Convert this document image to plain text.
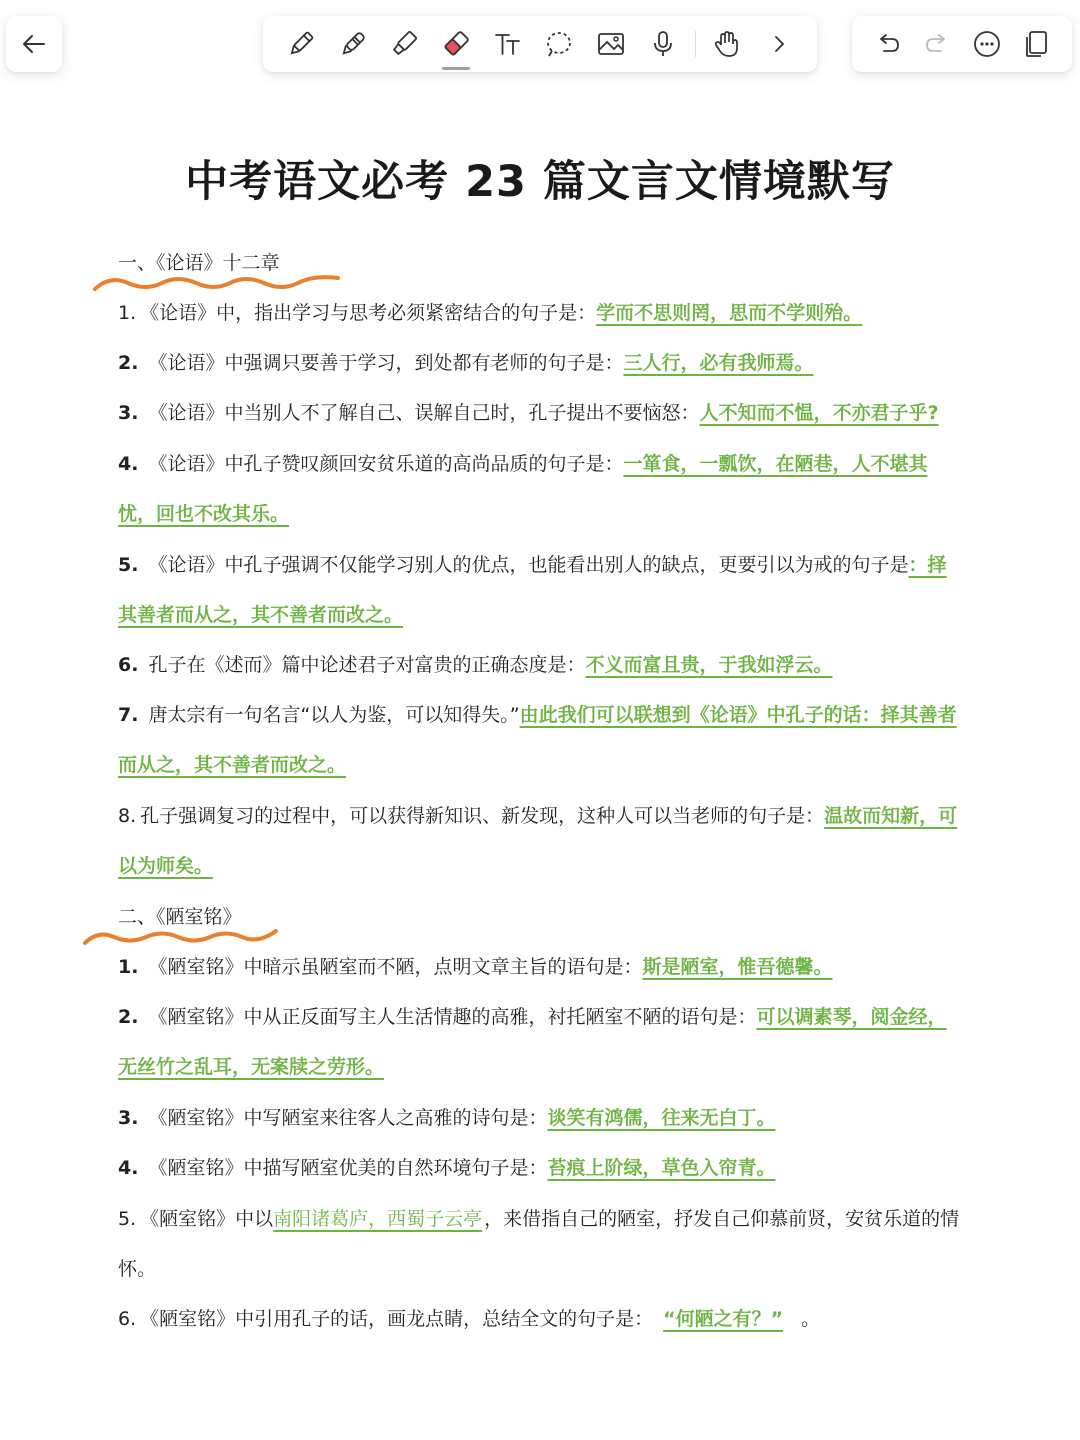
中考语文必考 23 篇文言文情境默写
一、《论语》十二章
1. 《论语》中，指出学习与思考必须紧密结合的句子是：学而不思则罔，思而不学则殆。
2. 《论语》中强调只要善于学习，到处都有老师的句子是：三人行，必有我师焉。
3. 《论语》中当别人不了解自己、误解自己时，孔子提出不要恼怒：人不知而不愠，不亦君子乎?
4. 《论语》中孔子赞叹颜回安贫乐道的高尚品质的句子是：一箪食，一瓢饮，在陋巷，人不堪其忧，回也不改其乐。
5. 《论语》中孔子强调不仅能学习别人的优点，也能看出别人的缺点，更要引以为戒的句子是：择其善者而从之，其不善者而改之。
6. 孔子在《述而》篇中论述君子对富贵的正确态度是：不义而富且贵，于我如浮云。
7. 唐太宗有一句名言“以人为鉴，可以知得失。”由此我们可以联想到《论语》中孔子的话：择其善者而从之，其不善者而改之。
8. 孔子强调复习的过程中，可以获得新知识、新发现，这种人可以当老师的句子是：温故而知新，可以为师矣。
二、《陋室铭》
1. 《陋室铭》中暗示虽陋室而不陋，点明文章主旨的语句是：斯是陋室，惟吾德馨。
2. 《陋室铭》中从正反面写主人生活情趣的高雅，衬托陋室不陋的语句是：可以调素琴，阅金经，无丝竹之乱耳，无案牍之劳形。
3. 《陋室铭》中写陋室来往客人之高雅的诗句是：谈笑有鸿儒，往来无白丁。
4. 《陋室铭》中描写陋室优美的自然环境句子是：苔痕上阶绿，草色入帘青。
5. 《陋室铭》中以南阳诸葛庐，西蜀子云亭 ，来借指自己的陋室，抒发自己仰慕前贤，安贫乐道的情怀。
6. 《陋室铭》中引用孔子的话，画龙点睛，总结全文的句子是： “何陋之有？” 。
